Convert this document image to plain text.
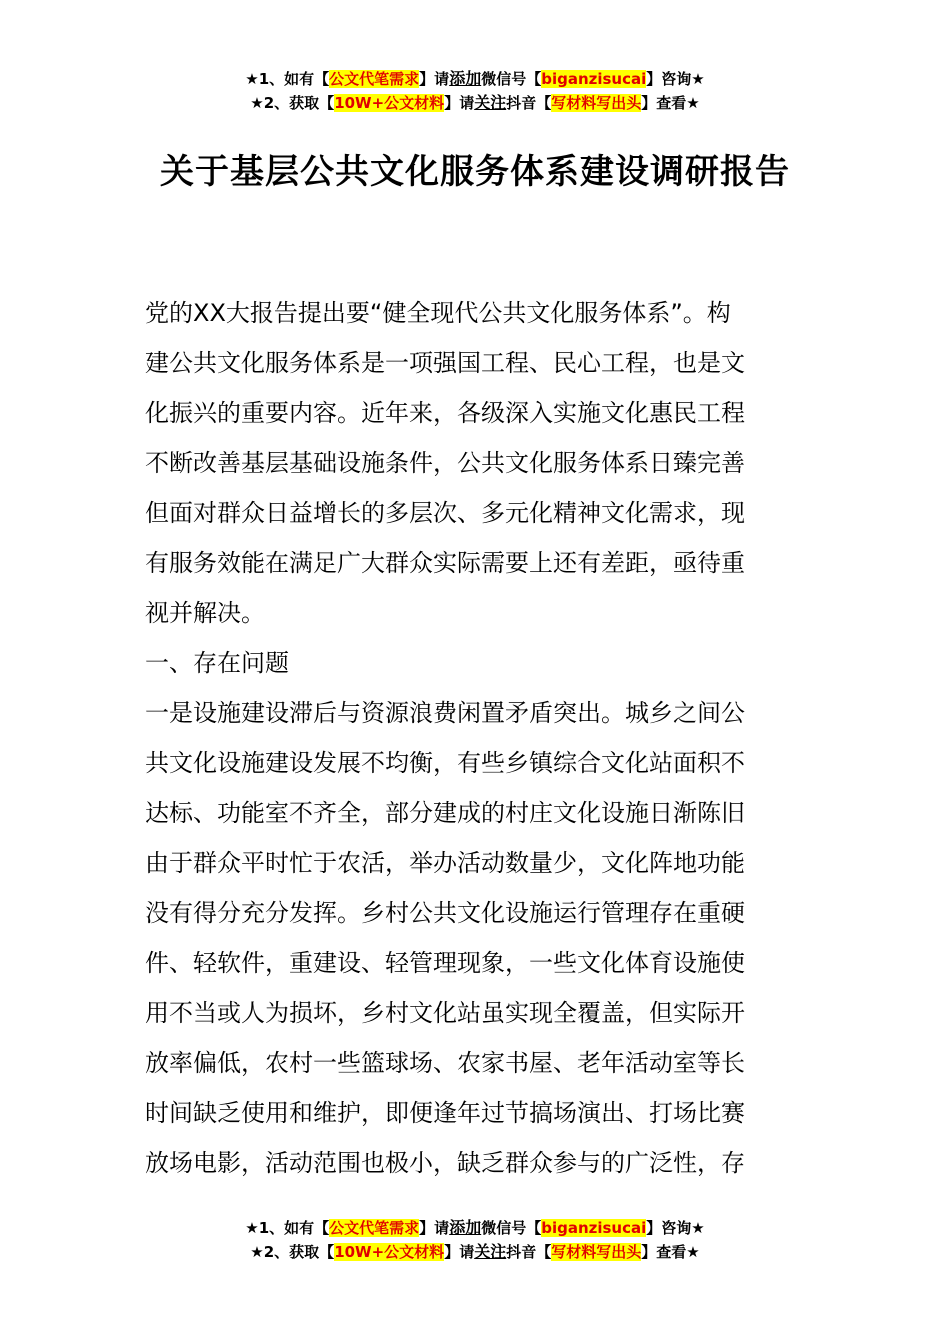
★1、如有【公文代笔需求】请添加微信号【biganzisucai】咨询★
★2、获取【10W+公文材料】请关注抖音【写材料写出头】查看★
关于基层公共文化服务体系建设调研报告
党的XX大报告提出要“健全现代公共文化服务体系”。构
建公共文化服务体系是一项强国工程、民心工程，也是文
化振兴的重要内容。近年来，各级深入实施文化惠民工程
不断改善基层基础设施条件，公共文化服务体系日臻完善
但面对群众日益增长的多层次、多元化精神文化需求，现
有服务效能在满足广大群众实际需要上还有差距，亟待重
视并解决。
一、存在问题
一是设施建设滞后与资源浪费闲置矛盾突出。城乡之间公
共文化设施建设发展不均衡，有些乡镇综合文化站面积不
达标、功能室不齐全，部分建成的村庄文化设施日渐陈旧
由于群众平时忙于农活，举办活动数量少，文化阵地功能
没有得分充分发挥。乡村公共文化设施运行管理存在重硬
件、轻软件，重建设、轻管理现象，一些文化体育设施使
用不当或人为损坏，乡村文化站虽实现全覆盖，但实际开
放率偏低，农村一些篮球场、农家书屋、老年活动室等长
时间缺乏使用和维护，即便逢年过节搞场演出、打场比赛
放场电影，活动范围也极小，缺乏群众参与的广泛性，存
★1、如有【公文代笔需求】请添加微信号【biganzisucai】咨询★
★2、获取【10W+公文材料】请关注抖音【写材料写出头】查看★
